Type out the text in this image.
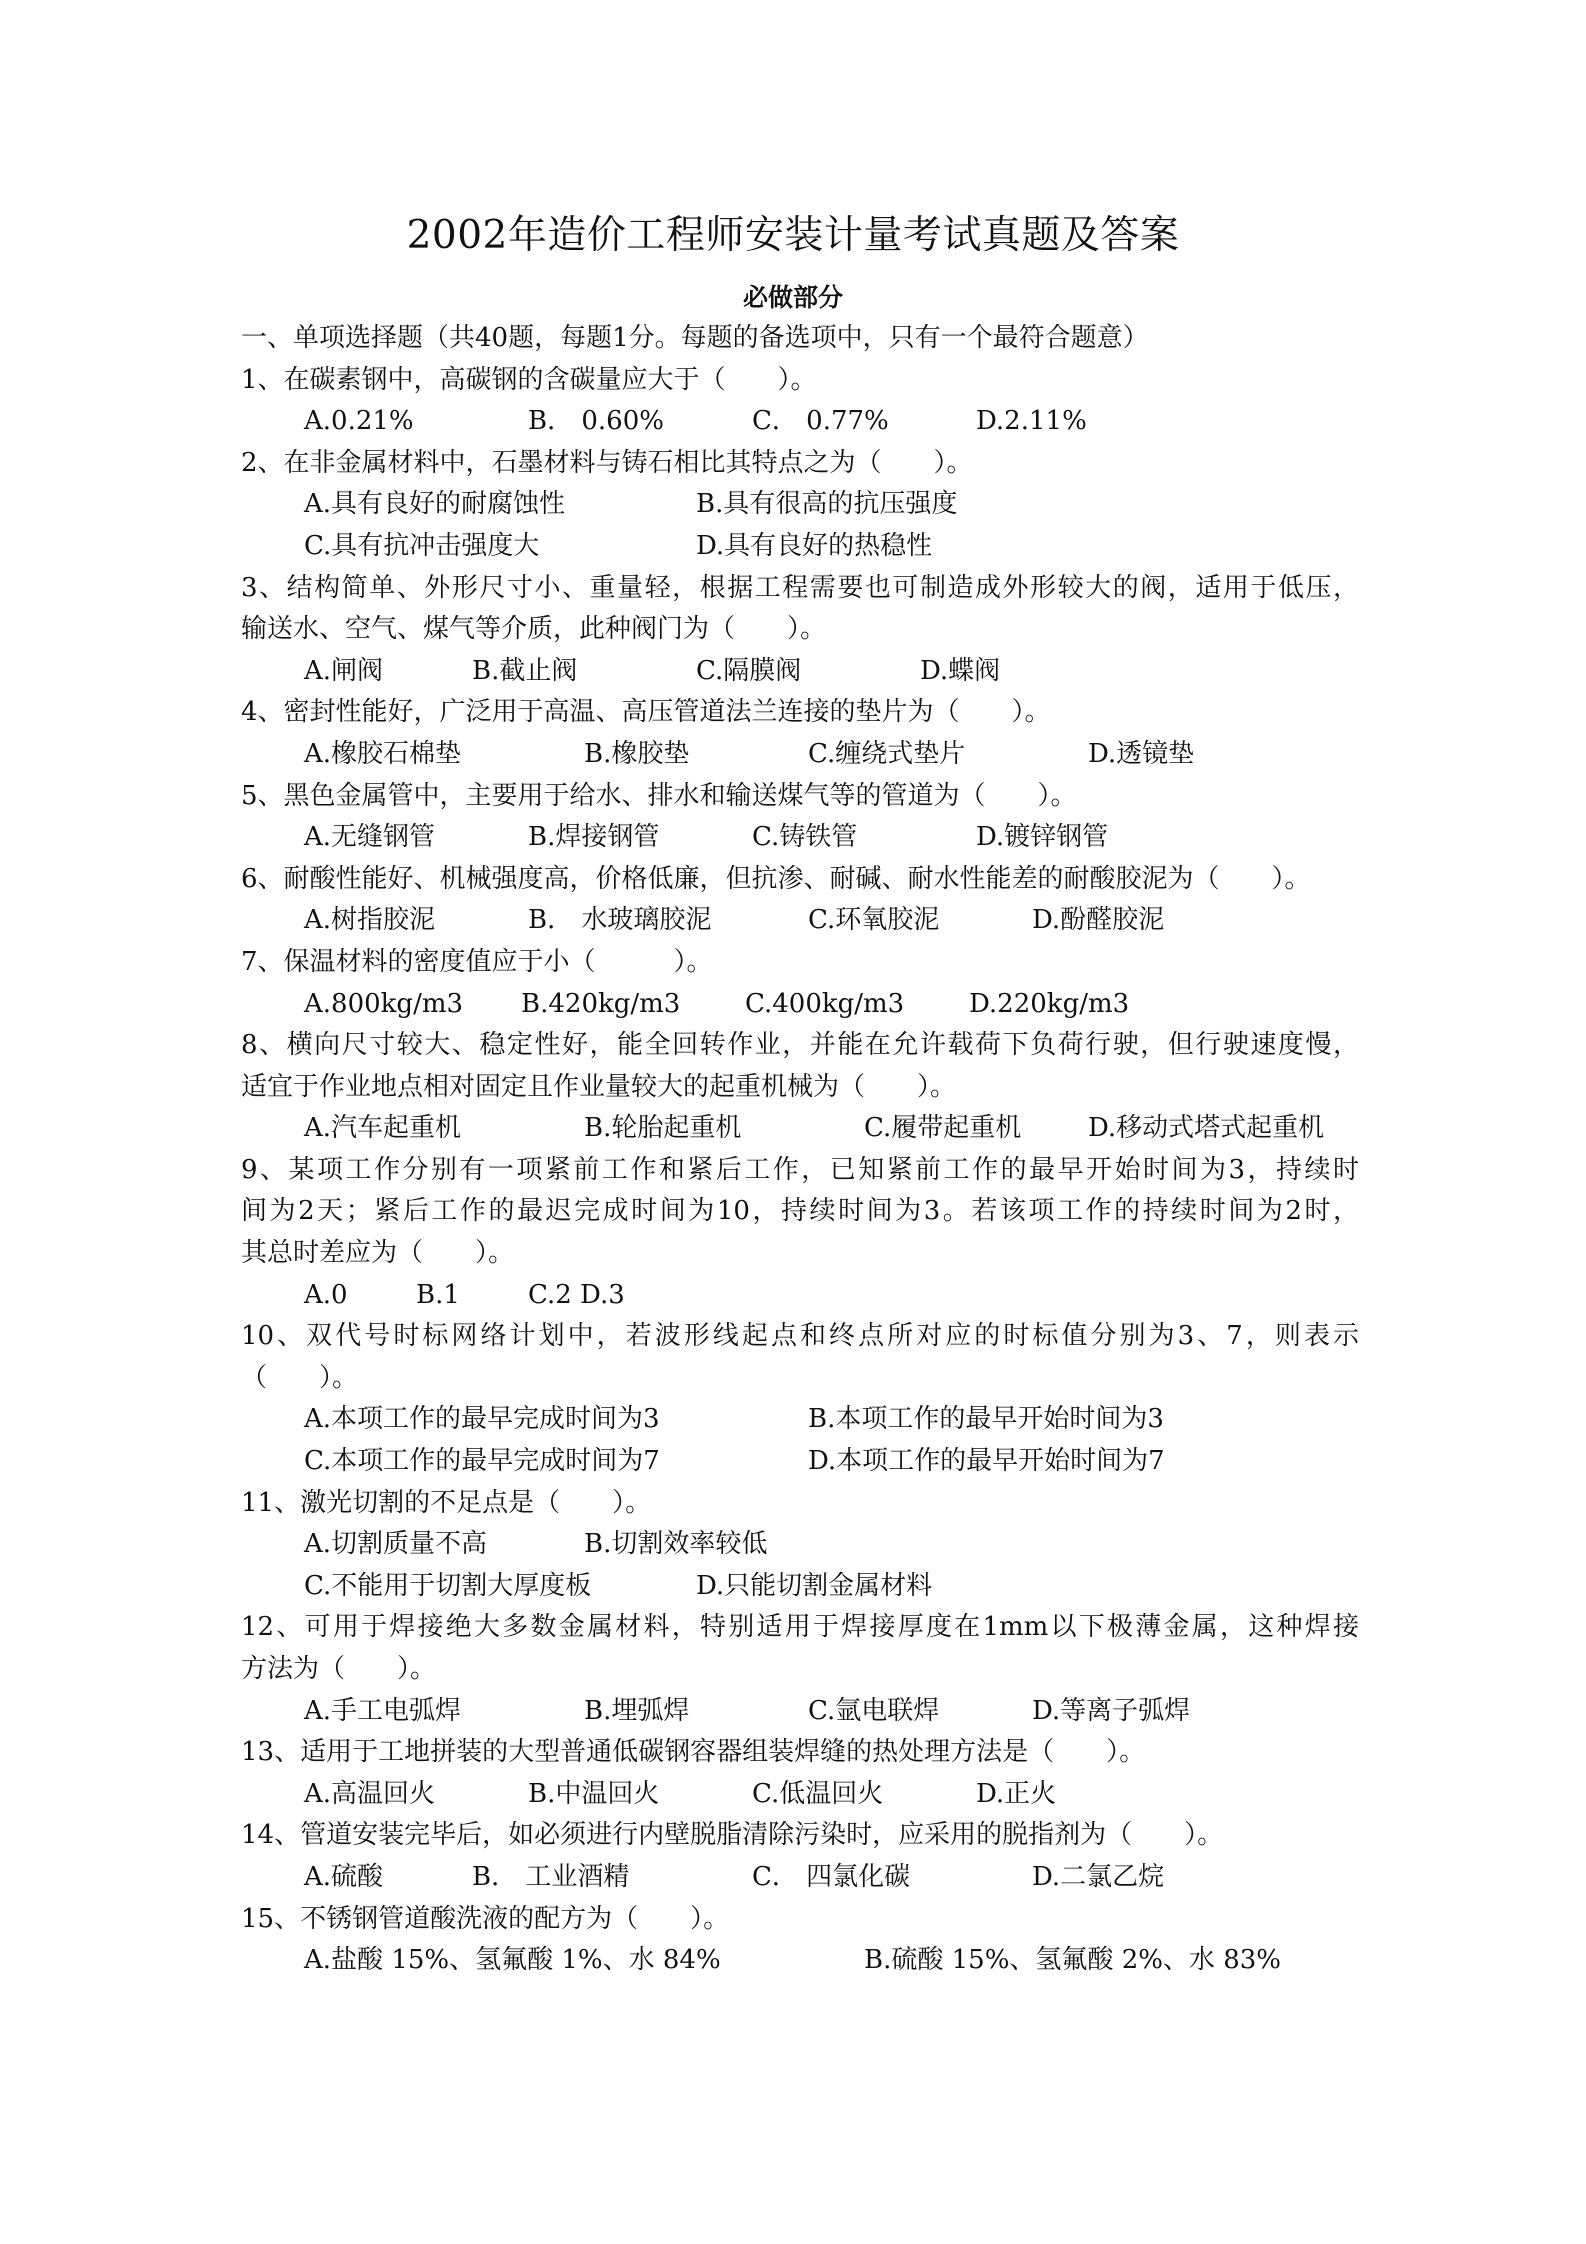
2002年造价工程师安装计量考试真题及答案
必做部分
一、单项选择题（共40题，每题1分。每题的备选项中，只有一个最符合题意）
1、在碳素钢中，高碳钢的含碳量应大于（　　）。
A.0.21%	B． 0.60%	C． 0.77%	D.2.11%
2、在非金属材料中，石墨材料与铸石相比其特点之为（　　）。
A.具有良好的耐腐蚀性	B.具有很高的抗压强度
C.具有抗冲击强度大	D.具有良好的热稳性
3、结构简单、外形尺寸小、重量轻，根据工程需要也可制造成外形较大的阀，适用于低压，
输送水、空气、煤气等介质，此种阀门为（　　）。
A.闸阀	B.截止阀	C.隔膜阀	D.蝶阀
4、密封性能好，广泛用于高温、高压管道法兰连接的垫片为（　　）。
A.橡胶石棉垫	B.橡胶垫	C.缠绕式垫片	D.透镜垫
5、黑色金属管中，主要用于给水、排水和输送煤气等的管道为（　　）。
A.无缝钢管	B.焊接钢管	C.铸铁管	D.镀锌钢管
6、耐酸性能好、机械强度高，价格低廉，但抗渗、耐碱、耐水性能差的耐酸胶泥为（　　）。
A.树指胶泥	B． 水玻璃胶泥	C.环氧胶泥	D.酚醛胶泥
7、保温材料的密度值应于小（　　　）。
A.800kg/m3 B.420kg/m3 C.400kg/m3 D.220kg/m3
8、横向尺寸较大、稳定性好，能全回转作业，并能在允许载荷下负荷行驶，但行驶速度慢，
适宜于作业地点相对固定且作业量较大的起重机械为（　　）。
A.汽车起重机	B.轮胎起重机	C.履带起重机	D.移动式塔式起重机
9、某项工作分别有一项紧前工作和紧后工作，已知紧前工作的最早开始时间为3，持续时
间为2天；紧后工作的最迟完成时间为10，持续时间为3。若该项工作的持续时间为2时，
其总时差应为（　　）。
A.0	B.1	C.2 D.3
10、双代号时标网络计划中，若波形线起点和终点所对应的时标值分别为3、7，则表示
（　　）。
A.本项工作的最早完成时间为3	B.本项工作的最早开始时间为3
C.本项工作的最早完成时间为7	D.本项工作的最早开始时间为7
11、激光切割的不足点是（　　）。
A.切割质量不高	B.切割效率较低
C.不能用于切割大厚度板	D.只能切割金属材料
12、可用于焊接绝大多数金属材料，特别适用于焊接厚度在1mm以下极薄金属，这种焊接
方法为（　　）。
A.手工电弧焊	B.埋弧焊	C.氩电联焊	D.等离子弧焊
13、适用于工地拼装的大型普通低碳钢容器组装焊缝的热处理方法是（　　）。
A.高温回火	B.中温回火	C.低温回火	D.正火
14、管道安装完毕后，如必须进行内壁脱脂清除污染时，应采用的脱指剂为（　　）。
A.硫酸	B． 工业酒精	C． 四氯化碳	D.二氯乙烷
15、不锈钢管道酸洗液的配方为（　　）。
A.盐酸 15%、氢氟酸 1%、水 84%	B.硫酸 15%、氢氟酸 2%、水 83%
